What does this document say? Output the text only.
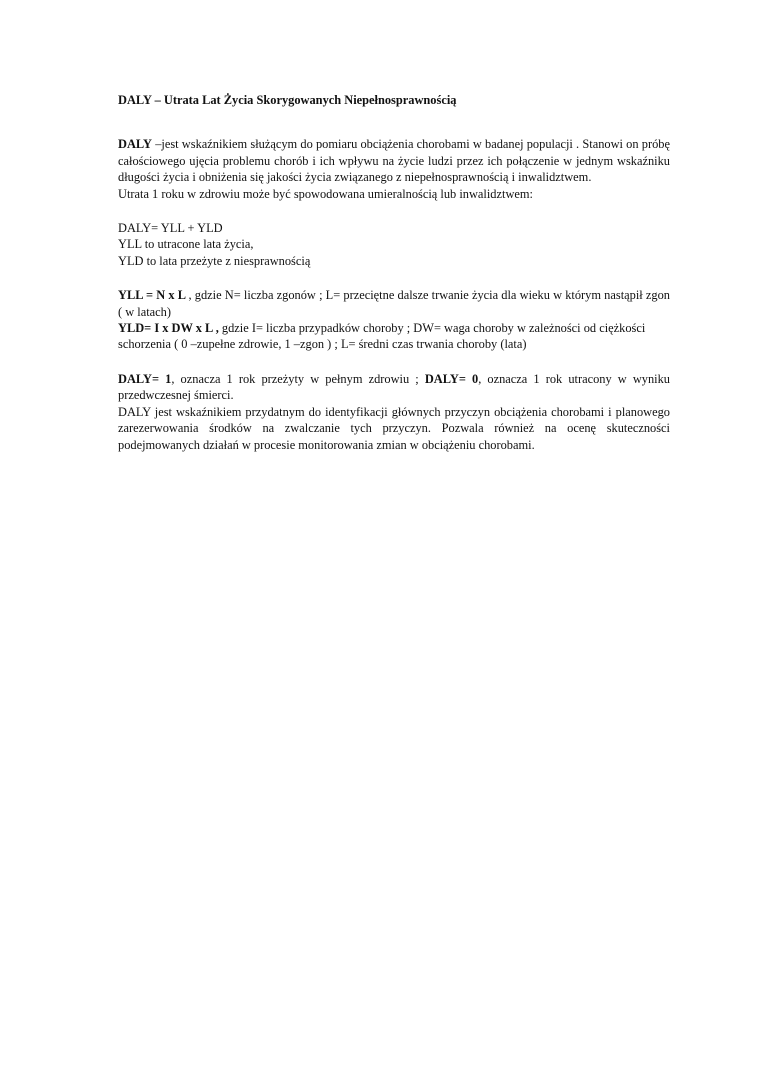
DALY – Utrata Lat Życia Skorygowanych Niepełnosprawnością

DALY –jest wskaźnikiem służącym do pomiaru obciążenia chorobami w badanej populacji . Stanowi on próbę całościowego ujęcia problemu chorób i ich wpływu na życie ludzi przez ich połączenie w jednym wskaźniku długości życia i obniżenia się jakości życia związanego z niepełnosprawnością i inwalidztwem.

Utrata 1 roku w zdrowiu może być spowodowana umieralnością lub inwalidztwem:

DALY= YLL + YLD

YLL to utracone lata życia,

YLD to lata przeżyte z niesprawnością

YLL = N x L , gdzie N= liczba zgonów ; L= przeciętne dalsze trwanie życia dla wieku w którym nastąpił zgon ( w latach)

YLD= I x DW x L , gdzie I= liczba przypadków choroby ; DW= waga choroby w zależności od ciężkości schorzenia ( 0 –zupełne zdrowie, 1 –zgon ) ; L= średni czas trwania choroby (lata)

DALY= 1, oznacza 1 rok przeżyty w pełnym zdrowiu ; DALY= 0, oznacza 1 rok utracony w wyniku przedwczesnej śmierci.

DALY jest wskaźnikiem przydatnym do identyfikacji głównych przyczyn obciążenia chorobami i planowego zarezerwowania środków na zwalczanie tych przyczyn. Pozwala również na ocenę skuteczności podejmowanych działań w procesie monitorowania zmian w obciążeniu chorobami.
